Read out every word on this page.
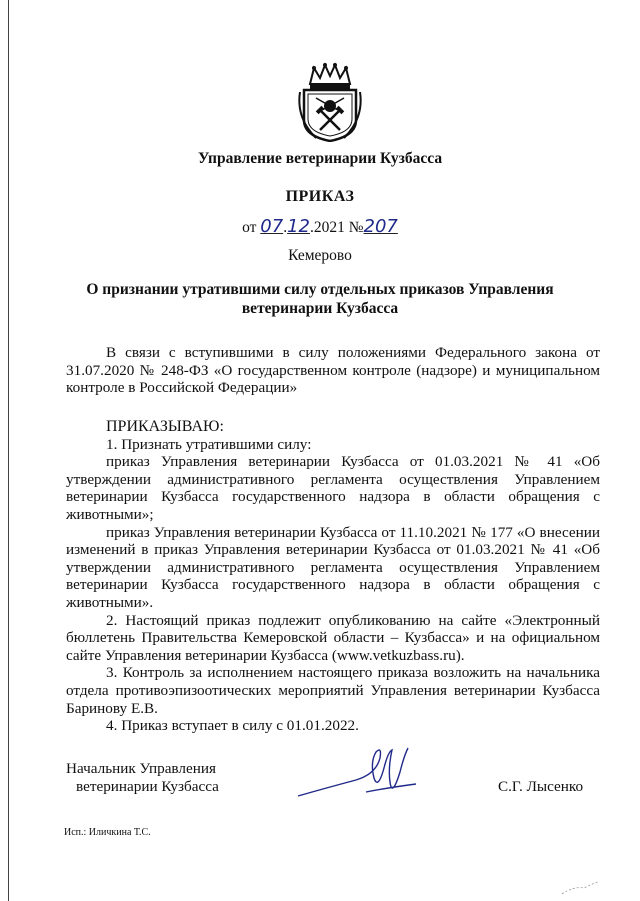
Управление ветеринарии Кузбасса
ПРИКАЗ
от 07.12.2021 №207
Кемерово
О признании утратившими силу отдельных приказов Управления ветеринарии Кузбасса

В связи с вступившими в силу положениями Федерального закона от 31.07.2020 № 248-ФЗ «О государственном контроле (надзоре) и муниципальном контроле в Российской Федерации»

ПРИКАЗЫВАЮ:

1. Признать утратившими силу:

приказ Управления ветеринарии Кузбасса от 01.03.2021 № 41 «Об утверждении административного регламента осуществления Управлением ветеринарии Кузбасса государственного надзора в области обращения с животными»;

приказ Управления ветеринарии Кузбасса от 11.10.2021 № 177 «О внесении изменений в приказ Управления ветеринарии Кузбасса от 01.03.2021 № 41 «Об утверждении административного регламента осуществления Управлением ветеринарии Кузбасса государственного надзора в области обращения с животными».

2. Настоящий приказ подлежит опубликованию на сайте «Электронный бюллетень Правительства Кемеровской области – Кузбасса» и на официальном сайте Управления ветеринарии Кузбасса (www.vetkuzbass.ru).

3. Контроль за исполнением настоящего приказа возложить на начальника отдела противоэпизоотических мероприятий Управления ветеринарии Кузбасса Баринову Е.В.

4. Приказ вступает в силу с 01.01.2022.

Начальник Управления
ветеринарии Кузбасса	С.Г. Лысенко
Исп.: Иличкина Т.С.
